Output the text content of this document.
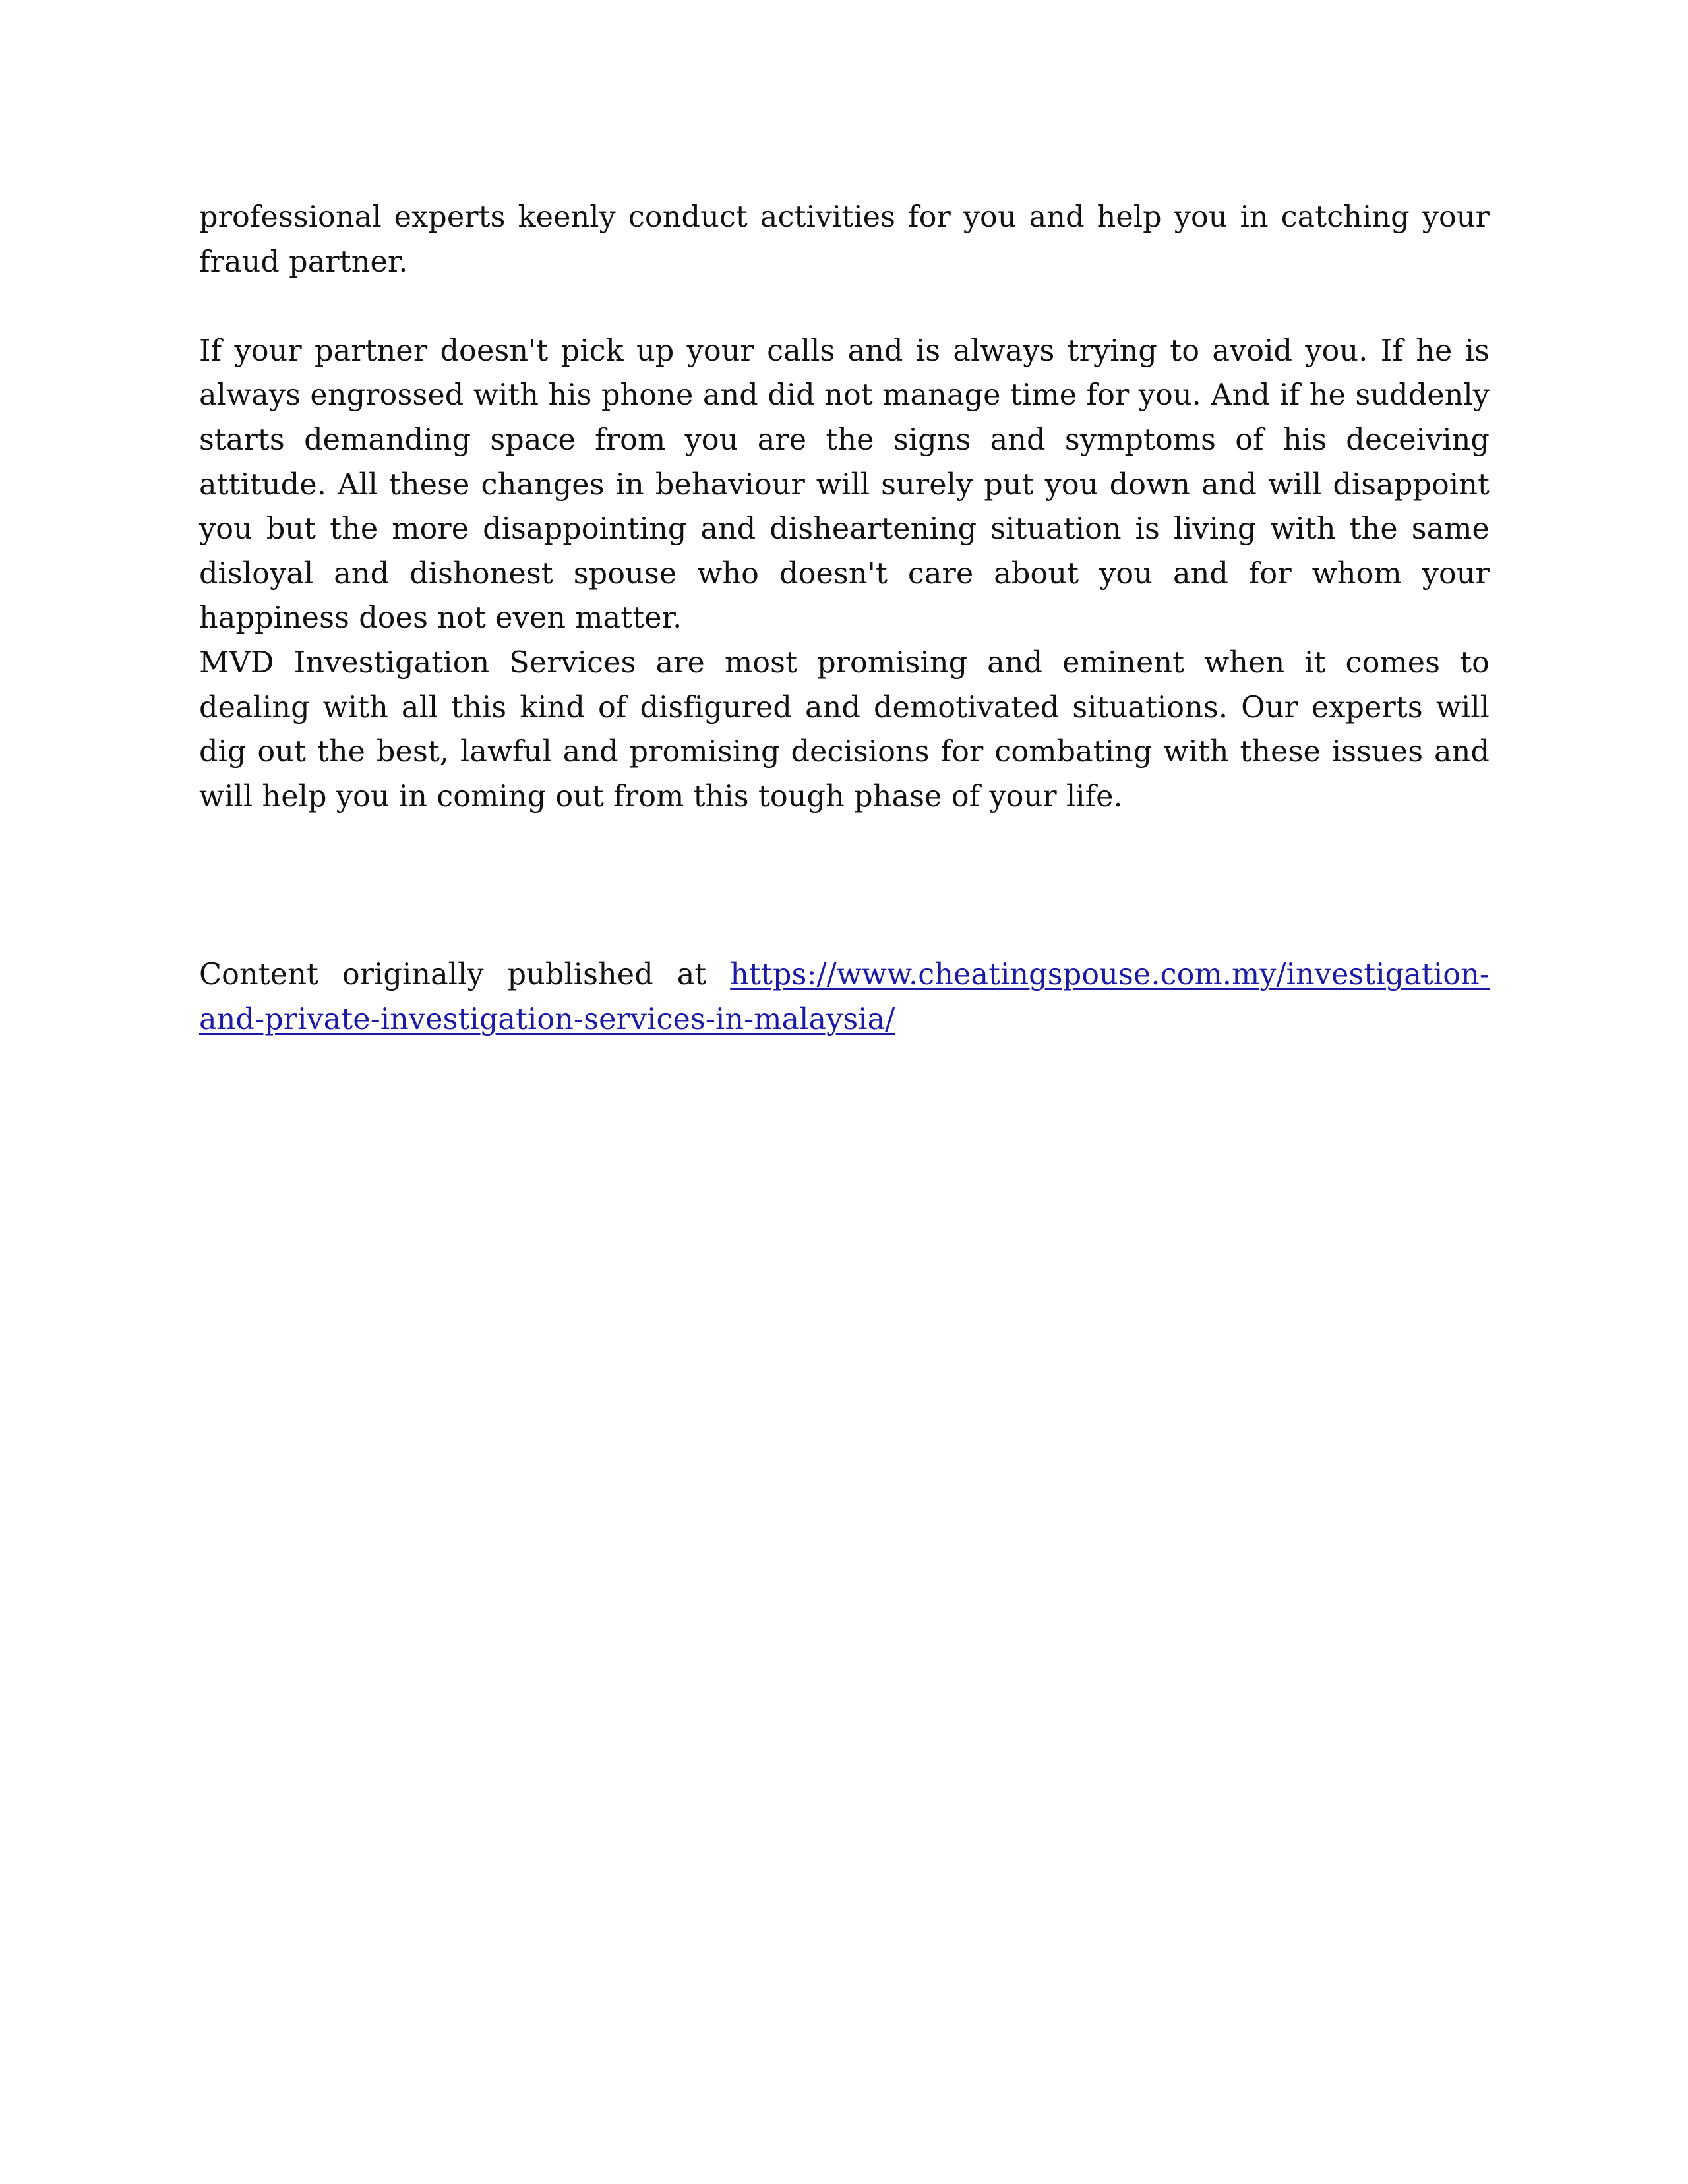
professional experts keenly conduct activities for you and help you in catching your fraud partner.

If your partner doesn't pick up your calls and is always trying to avoid you. If he is always engrossed with his phone and did not manage time for you. And if he suddenly starts demanding space from you are the signs and symptoms of his deceiving attitude. All these changes in behaviour will surely put you down and will disappoint you but the more disappointing and disheartening situation is living with the same disloyal and dishonest spouse who doesn't care about you and for whom your happiness does not even matter.

MVD Investigation Services are most promising and eminent when it comes to dealing with all this kind of disfigured and demotivated situations. Our experts will dig out the best, lawful and promising decisions for combating with these issues and will help you in coming out from this tough phase of your life.

Content originally published at https://www.cheatingspouse.com.my/investigation-and-private-investigation-services-in-malaysia/
